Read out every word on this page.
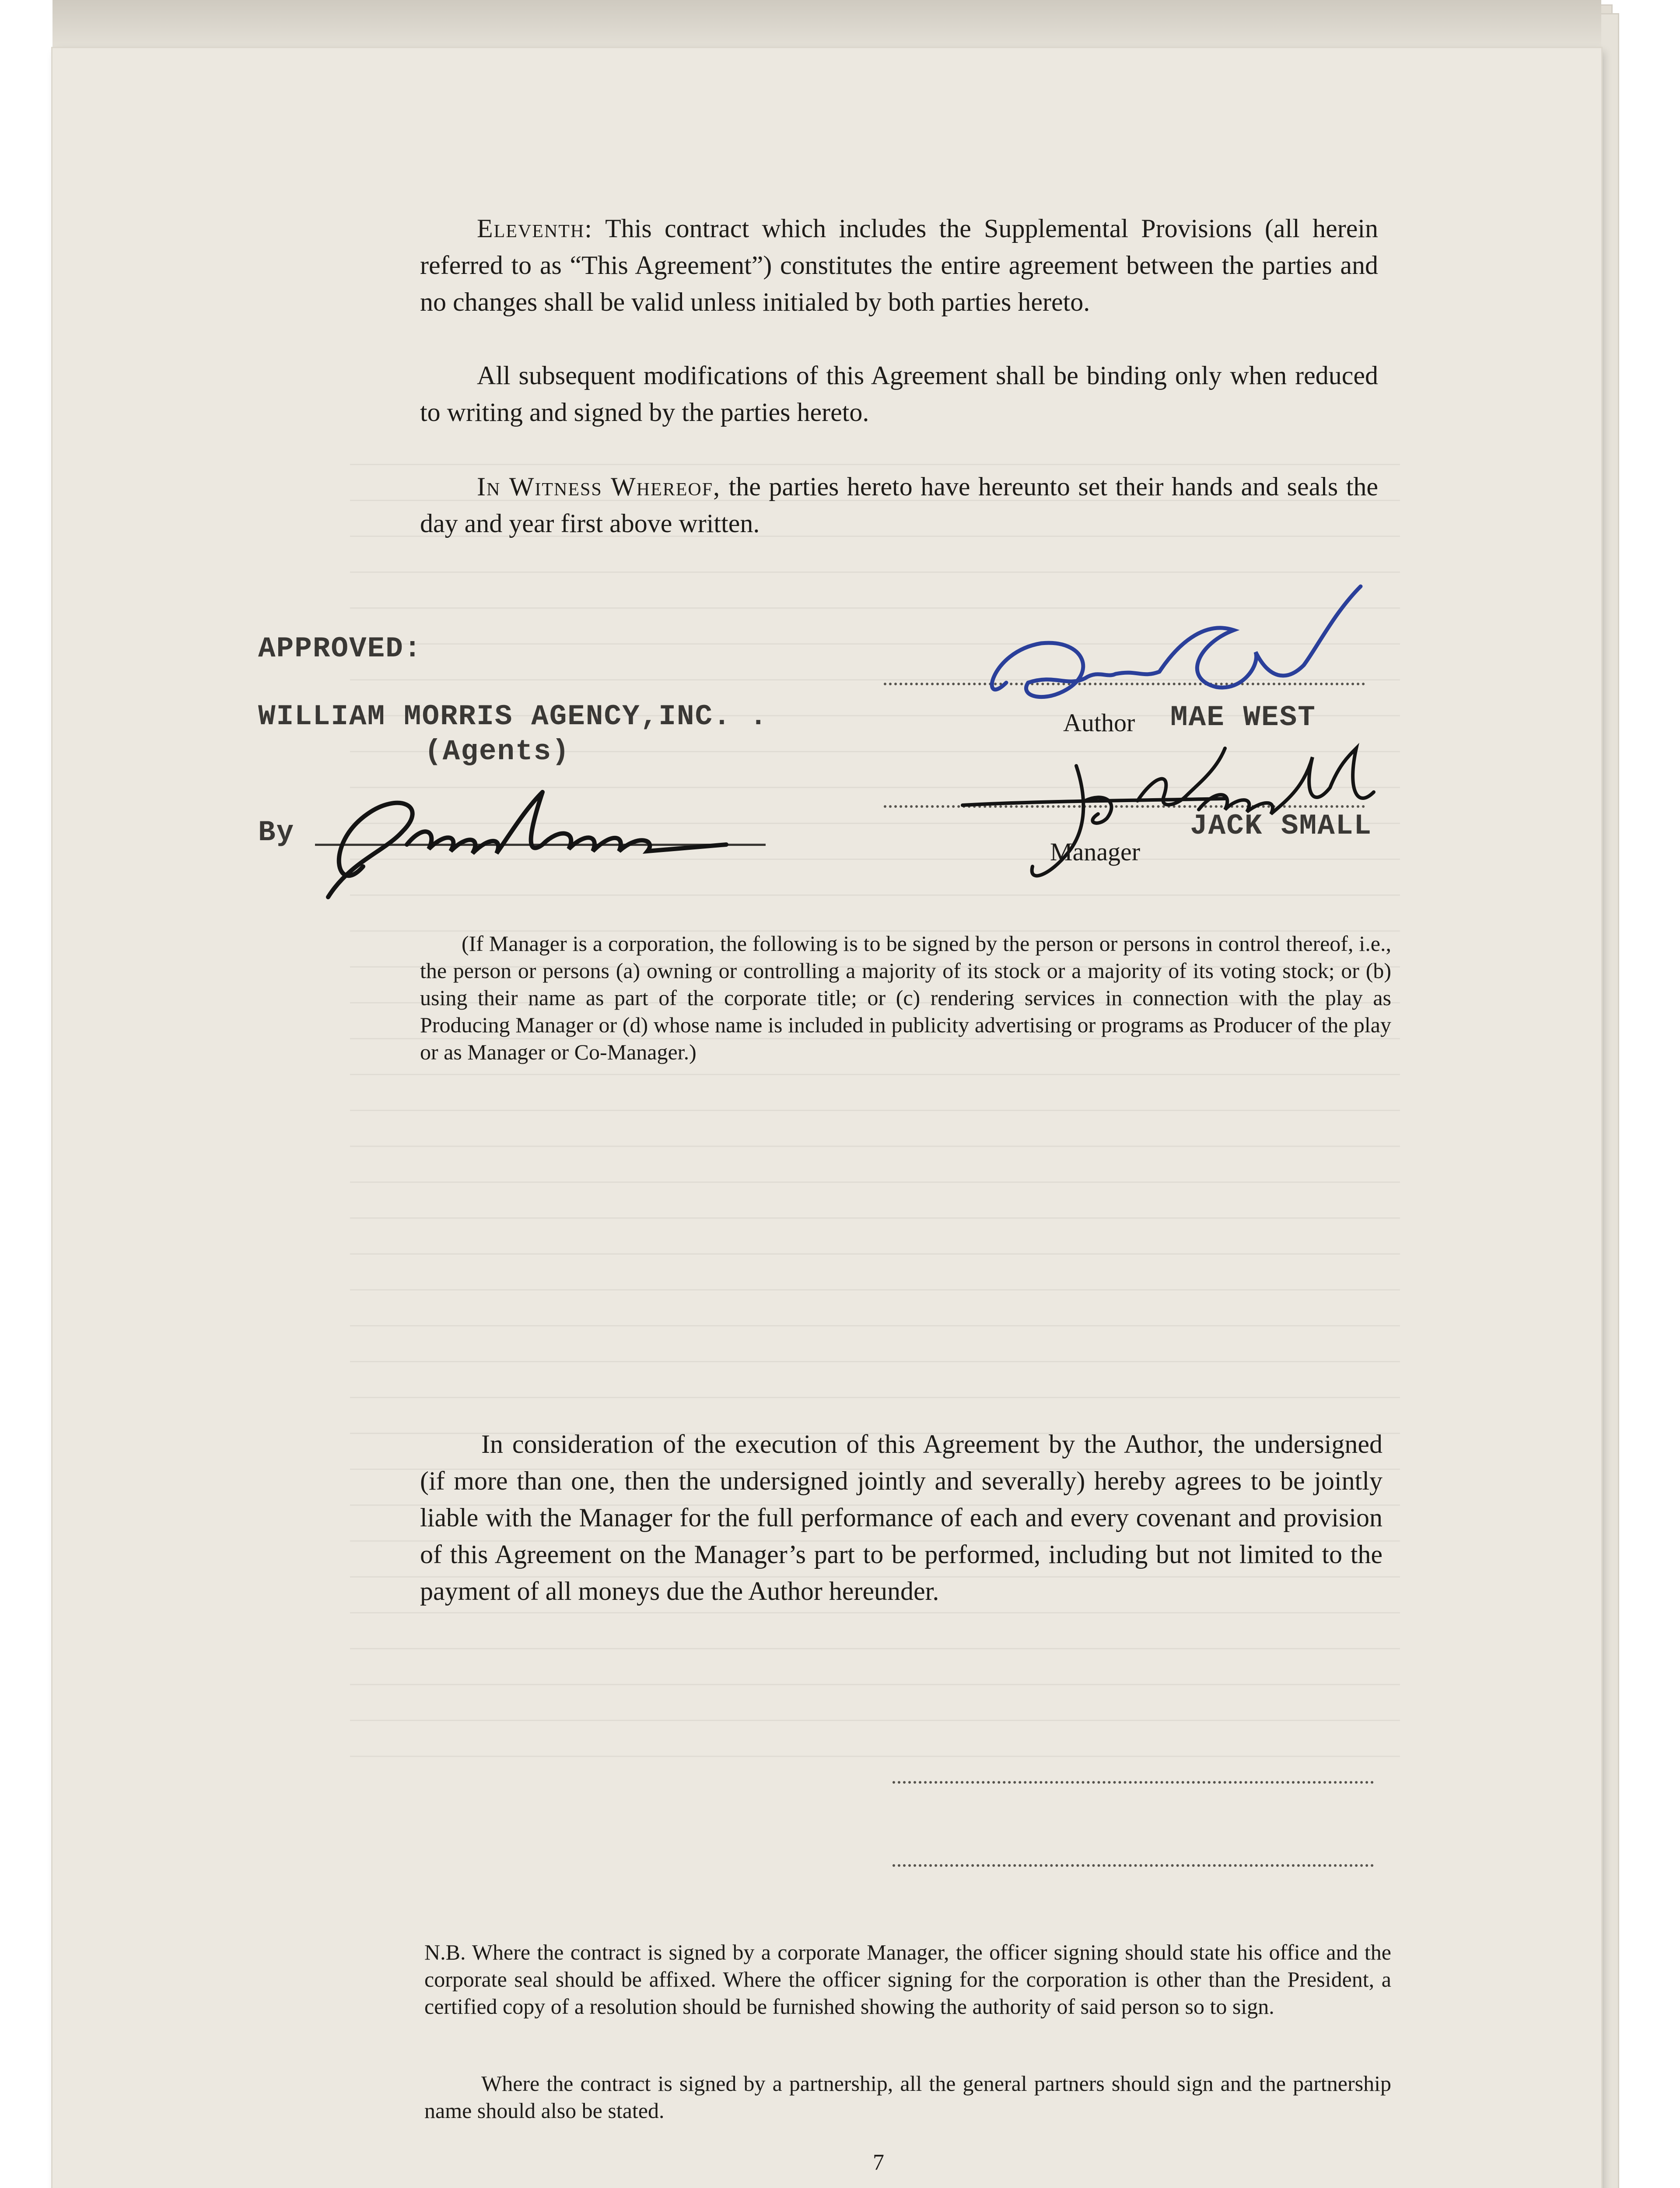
Eleventh: This contract which includes the Supplemental Provisions (all herein referred to as “This Agreement”) constitutes the entire agreement between the parties and no changes shall be valid unless initialed by both parties hereto.
All subsequent modifications of this Agreement shall be binding only when reduced to writing and signed by the parties hereto.
In Witness Whereof, the parties hereto have hereunto set their hands and seals the day and year first above written.
APPROVED:
WILLIAM MORRIS AGENCY,INC. .
(Agents)
By
Author MAE WEST
Manager
JACK SMALL
(If Manager is a corporation, the following is to be signed by the person or persons in control thereof, i.e., the person or persons (a) owning or controlling a majority of its stock or a majority of its voting stock; or (b) using their name as part of the corporate title; or (c) rendering services in connection with the play as Producing Manager or (d) whose name is included in publicity advertising or programs as Producer of the play or as Manager or Co-Manager.)
In consideration of the execution of this Agreement by the Author, the undersigned (if more than one, then the undersigned jointly and severally) hereby agrees to be jointly liable with the Manager for the full performance of each and every covenant and provision of this Agreement on the Manager’s part to be performed, including but not limited to the payment of all moneys due the Author hereunder.
N.B. Where the contract is signed by a corporate Manager, the officer signing should state his office and the corporate seal should be affixed. Where the officer signing for the corporation is other than the President, a certified copy of a resolution should be furnished showing the authority of said person so to sign.
Where the contract is signed by a partnership, all the general partners should sign and the partnership name should also be stated.
7
